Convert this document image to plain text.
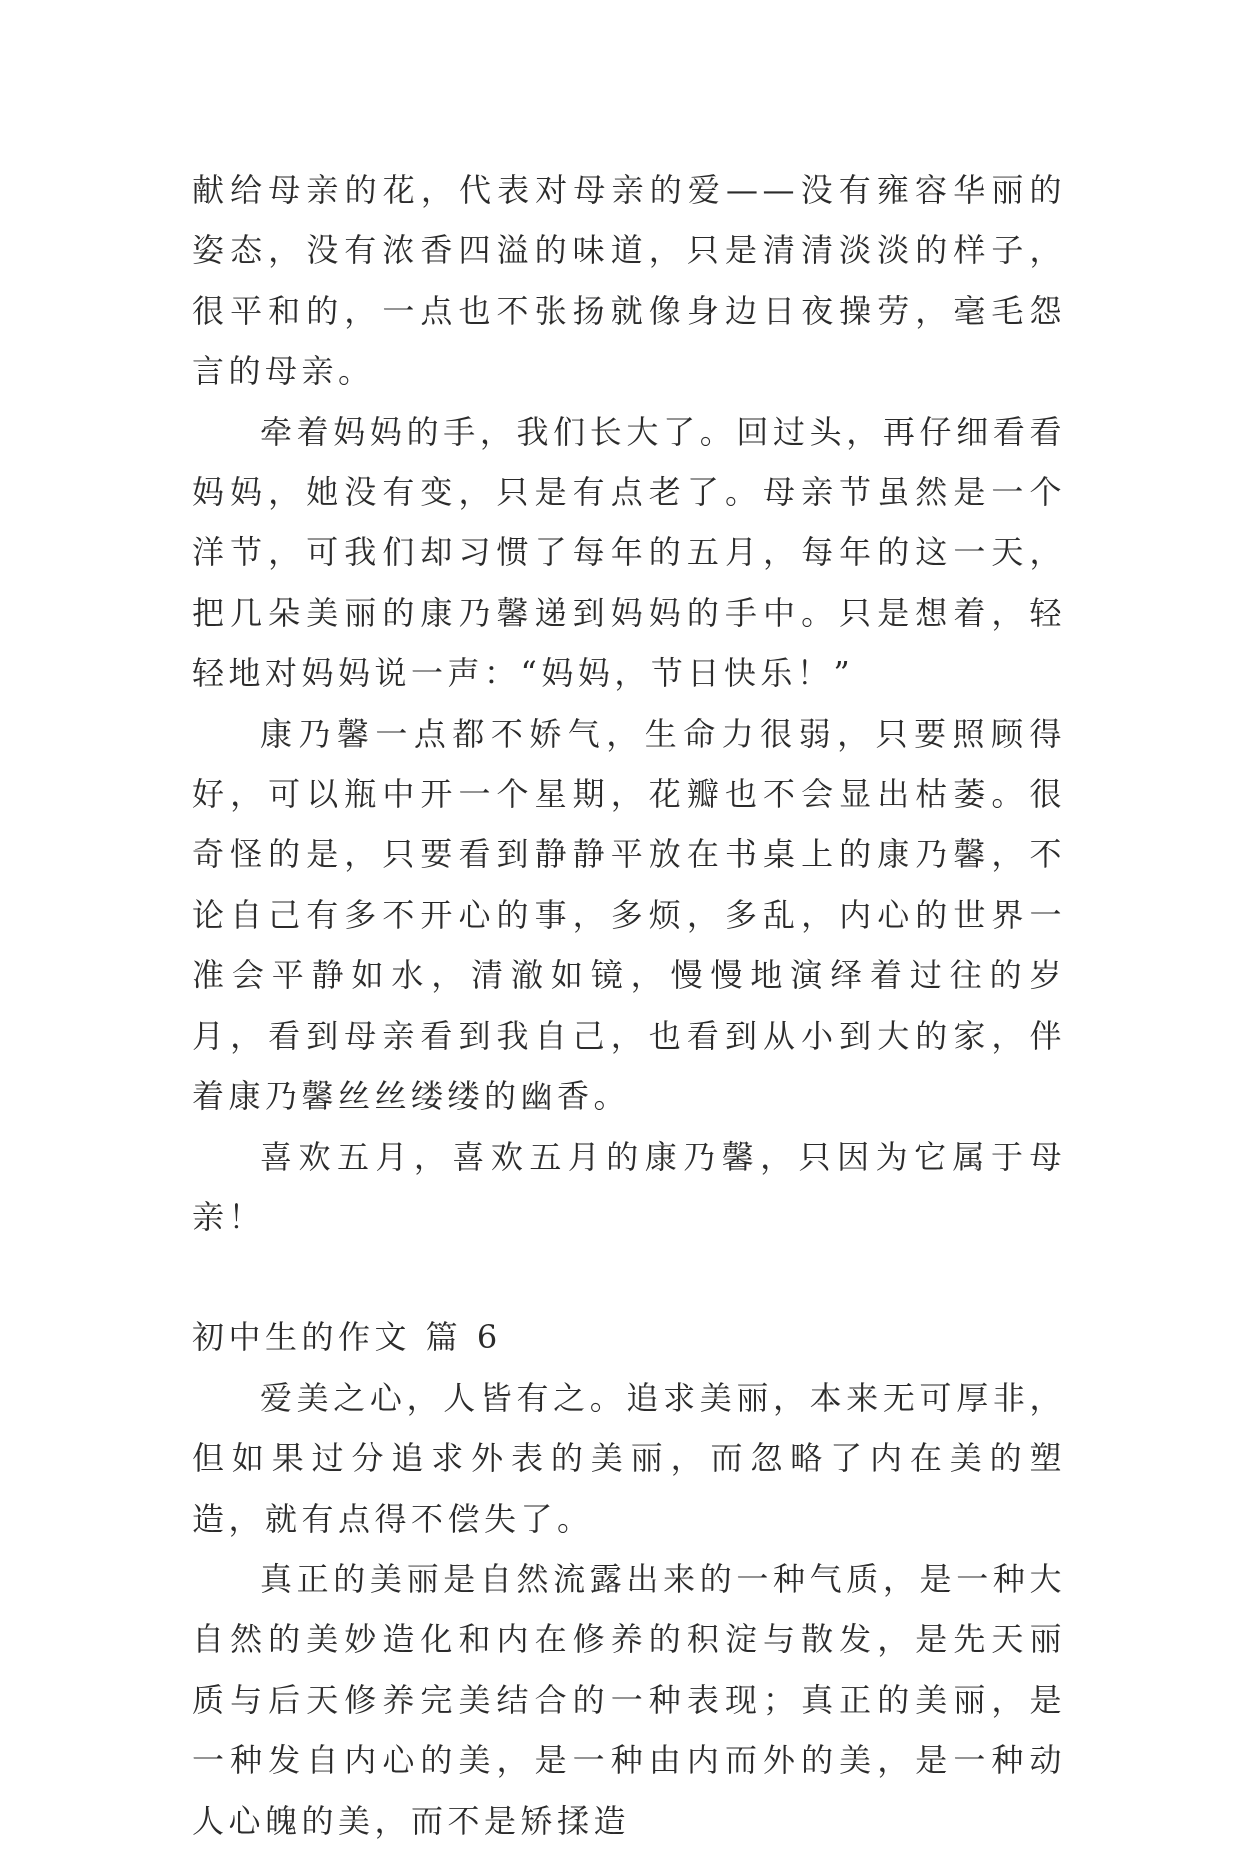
献给母亲的花，代表对母亲的爱——没有雍容华丽的姿态，没有浓香四溢的味道，只是清清淡淡的样子，很平和的，一点也不张扬就像身边日夜操劳，毫毛怨言的母亲。

牵着妈妈的手，我们长大了。回过头，再仔细看看妈妈，她没有变，只是有点老了。母亲节虽然是一个洋节，可我们却习惯了每年的五月，每年的这一天，把几朵美丽的康乃馨递到妈妈的手中。只是想着，轻轻地对妈妈说一声：“妈妈，节日快乐！”

康乃馨一点都不娇气，生命力很弱，只要照顾得好，可以瓶中开一个星期，花瓣也不会显出枯萎。很奇怪的是，只要看到静静平放在书桌上的康乃馨，不论自己有多不开心的事，多烦，多乱，内心的世界一准会平静如水，清澈如镜，慢慢地演绎着过往的岁月，看到母亲看到我自己，也看到从小到大的家，伴着康乃馨丝丝缕缕的幽香。

喜欢五月，喜欢五月的康乃馨，只因为它属于母亲！

初中生的作文 篇 6

爱美之心，人皆有之。追求美丽，本来无可厚非，但如果过分追求外表的美丽，而忽略了内在美的塑造，就有点得不偿失了。

真正的美丽是自然流露出来的一种气质，是一种大自然的美妙造化和内在修养的积淀与散发，是先天丽质与后天修养完美结合的一种表现；真正的美丽，是一种发自内心的美，是一种由内而外的美，是一种动人心魄的美，而不是矫揉造
